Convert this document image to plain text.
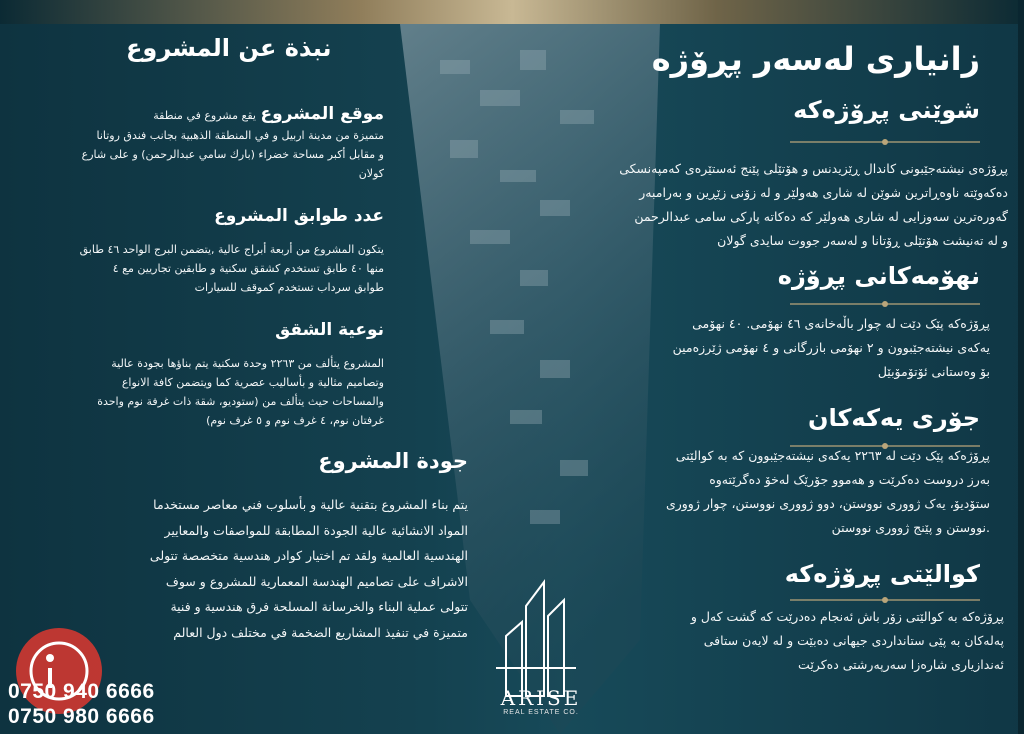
زانیاری لەسەر پڕۆژە
شوێنی پڕۆژەکە
پڕۆژەی نیشتەجێبونی کاندال ڕێزیدنس و هۆتێلی پێنج ئەستێرەی کەمپەنسکی
دەکەوێتە ناوەڕاترین شوێن لە شاری هەولێر و لە زۆنی زێڕین و بەرامبەر
گەورەترین سەوزایی لە شاری هەولێر کە دەکاتە پارکی سامی عبدالرحمن
و لە تەنیشت هۆتێلی ڕۆتانا و لەسەر جووت سایدی گولان
نهۆمەکانی پڕۆژە
پڕۆژەکە پێک دێت لە چوار باڵەخانەی ٤٦ نهۆمی. ٤٠ نهۆمی
یەکەی نیشتەجێبوون و ٢ نهۆمی بازرگانی و ٤ نهۆمی ژێرزەمین
بۆ وەستانی ئۆتۆمۆبێل
جۆری یەکەکان
پڕۆژەکە پێک دێت لە ٢٢٦٣ یەکەی نیشتەجێبوون کە بە کوالێتی
بەرز دروست دەکرێت و هەموو جۆرێک لەخۆ دەگرێتەوە
ستۆدیۆ، یەک ژووری نووستن، دوو ژووری نووستن، چوار ژووری
.نووستن و پێنج ژووری نووستن
کوالێتی پڕۆژەکە
پڕۆژەکە بە کوالێتی زۆر باش ئەنجام دەدرێت کە گشت کەل و
پەلەکان بە پێی ستانداردی جیهانی دەبێت و لە لایەن ستافی
ئەندازیاری شارەزا سەرپەرشتی دەکرێت
نبذة عن المشروع
موقع المشروع
يقع مشروع في منطقة
متميزة من مدينة اربيل و في المنطقة الذهبية بجانب فندق روتانا
و مقابل أكبر مساحة خضراء (بارك سامي عبدالرحمن) و على شارع
كولان
عدد طوابق المشروع
يتكون المشروع من أربعة أبراج عالية ,يتضمن البرج الواحد ٤٦ طابق
منها ٤٠ طابق تستخدم كشقق سكنية و طابقين تجاريين مع ٤
طوابق سرداب تستخدم كموقف للسيارات
نوعية الشقق
المشروع يتألف من ٢٢٦٣ وحدة سكنية يتم بناؤها بجودة عالية
وتصاميم مثالية و بأساليب عصرية كما ويتضمن كافة الانواع
والمساحات حيث يتألف من (ستوديو، شقة ذات غرفة نوم واحدة
غرفتان نوم، ٤ غرف نوم و ٥ غرف نوم)
جودة المشروع
يتم بناء المشروع بتقنية عالية و بأسلوب فني معاصر مستخدما
المواد الانشائية عالية الجودة المطابقة للمواصفات والمعايير
الهندسية العالمية ولقد تم اختيار كوادر هندسية متخصصة تتولى
الاشراف على تصاميم الهندسة المعمارية للمشروع و سوف
تتولى عملية البناء والخرسانة المسلحة فرق هندسية و فنية
متميزة في تنفيذ المشاريع الضخمة في مختلف دول العالم
ARISE
REAL ESTATE CO.
0750 940 6666
0750 980 6666
